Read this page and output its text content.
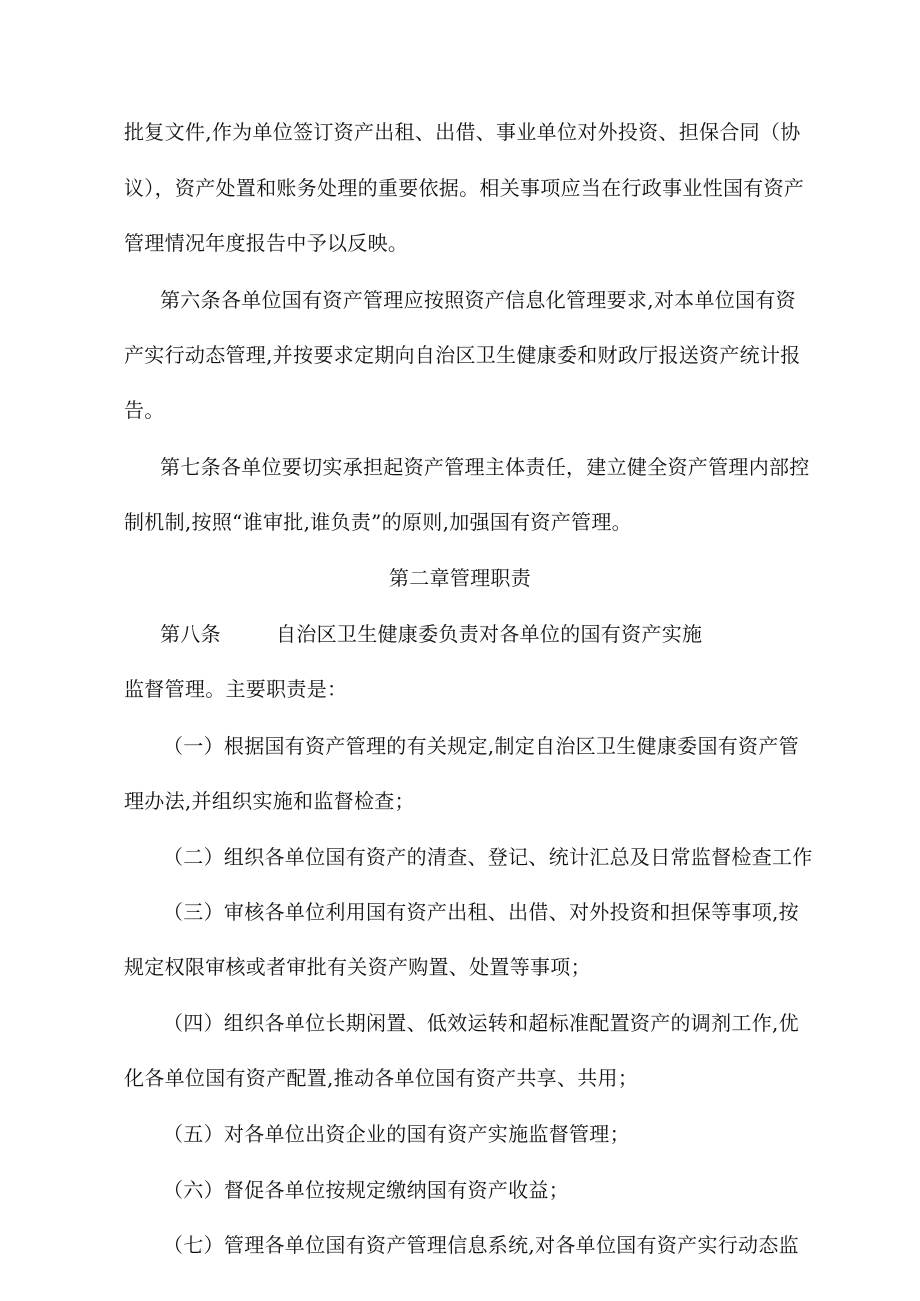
批复文件,作为单位签订资产出租、出借、事业单位对外投资、担保合同（协
议），资产处置和账务处理的重要依据。相关事项应当在行政事业性国有资产
管理情况年度报告中予以反映。
第六条各单位国有资产管理应按照资产信息化管理要求,对本单位国有资
产实行动态管理,并按要求定期向自治区卫生健康委和财政厅报送资产统计报
告。
第七条各单位要切实承担起资产管理主体责任，建立健全资产管理内部控
制机制,按照“谁审批,谁负责”的原则,加强国有资产管理。
第二章管理职责
第八条	自治区卫生健康委负责对各单位的国有资产实施
监督管理。主要职责是：
（一）根据国有资产管理的有关规定,制定自治区卫生健康委国有资产管
理办法,并组织实施和监督检查；
（二）组织各单位国有资产的清查、登记、统计汇总及日常监督检查工作
（三）审核各单位利用国有资产出租、出借、对外投资和担保等事项,按
规定权限审核或者审批有关资产购置、处置等事项；
（四）组织各单位长期闲置、低效运转和超标准配置资产的调剂工作,优
化各单位国有资产配置,推动各单位国有资产共享、共用；
（五）对各单位出资企业的国有资产实施监督管理；
（六）督促各单位按规定缴纳国有资产收益；
（七）管理各单位国有资产管理信息系统,对各单位国有资产实行动态监
